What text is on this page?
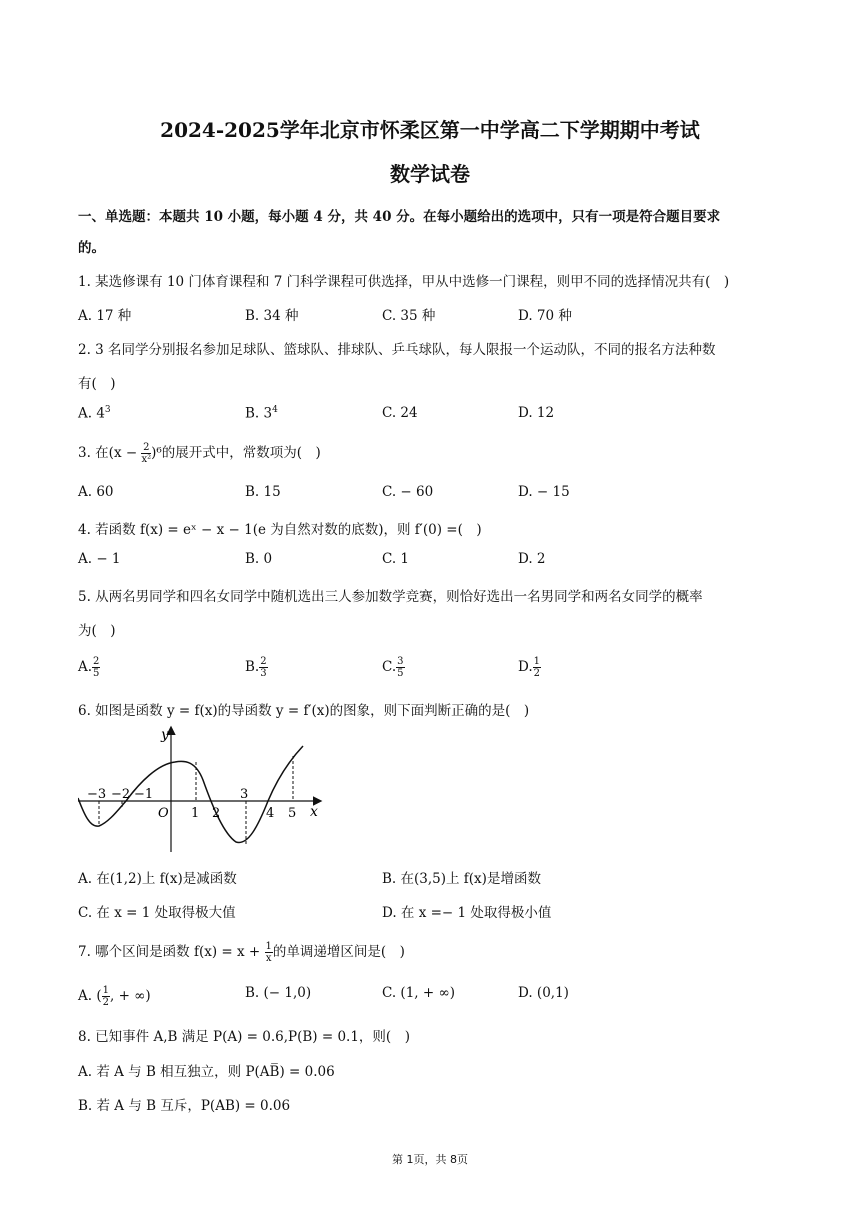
2024-2025学年北京市怀柔区第一中学高二下学期期中考试
数学试卷
一、单选题：本题共 10 小题，每小题 4 分，共 40 分。在每小题给出的选项中，只有一项是符合题目要求
的。
1. 某选修课有 10 门体育课程和 7 门科学课程可供选择，甲从中选修一门课程，则甲不同的选择情况共有(　)
A. 17 种	B. 34 种	C. 35 种	D. 70 种
2. 3 名同学分别报名参加足球队、篮球队、排球队、乒乓球队，每人限报一个运动队，不同的报名方法种数
有(　)
A. $4^3$	B. $3^4$	C. 24	D. 12
3. 在$(x - \frac{2}{\text{x²}} )^6$的展开式中，常数项为(　)
A. 60	B. 15	C. − 60	D. − 15
4. 若函数 f(x) = eˣ − x − 1(e 为自然对数的底数)，则 f′(0) =(　)
A. − 1	B. 0	C. 1	D. 2
5. 从两名男同学和四名女同学中随机选出三人参加数学竞赛，则恰好选出一名男同学和两名女同学的概率
为(　)
A. $\frac{2}{5}$	B. $\frac{2}{3}$	C. $\frac{3}{5}$	D. $\frac{1}{2}$
6. 如图是函数 y = f(x)的导函数 y = f′(x)的图象，则下面判断正确的是(　)
y
x
O
−3 −2 −1
1 2
3
4 5
A. 在(1,2)上 f(x)是减函数	B. 在(3,5)上 f(x)是增函数
C. 在 x = 1 处取得极大值	D. 在 x =− 1 处取得极小值
7. 哪个区间是函数 $f(x) = x + \frac{1}{x}$ 的单调递增区间是(　)
A. ( $\frac{1}{2}$ , + ∞)	B. (− 1,0)	C. (1, + ∞)	D. (0,1)
8. 已知事件 A,B 满足 P(A) = 0.6,P(B) = 0.1，则(　)
A. 若 A 与 B 相互独立，则 P(AB̅) = 0.06
B. 若 A 与 B 互斥，P(AB) = 0.06
第 1页，共 8页
